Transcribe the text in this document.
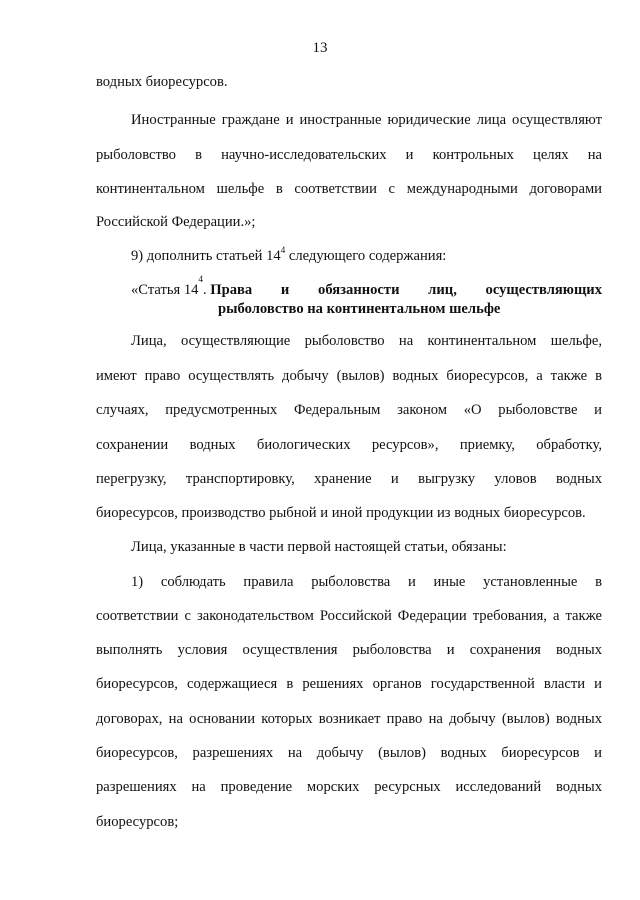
13
водных биоресурсов.
Иностранные граждане и иностранные юридические лица осуществляют
рыболовство в научно-исследовательских и контрольных целях на
континентальном шельфе в соответствии с международными договорами
Российской Федерации.»;
9) дополнить статьей $14^4$ следующего содержания:
«Статья 14
$^4$
. Права и обязанности лиц, осуществляющих
рыболовство на континентальном шельфе
Лица, осуществляющие рыболовство на континентальном шельфе,
имеют право осуществлять добычу (вылов) водных биоресурсов, а также в
случаях, предусмотренных Федеральным законом «О рыболовстве и
сохранении водных биологических ресурсов», приемку, обработку,
перегрузку, транспортировку, хранение и выгрузку уловов водных
биоресурсов, производство рыбной и иной продукции из водных биоресурсов.
Лица, указанные в части первой настоящей статьи, обязаны:
1) соблюдать правила рыболовства и иные установленные в
соответствии с законодательством Российской Федерации требования, а также
выполнять условия осуществления рыболовства и сохранения водных
биоресурсов, содержащиеся в решениях органов государственной власти и
договорах, на основании которых возникает право на добычу (вылов) водных
биоресурсов, разрешениях на добычу (вылов) водных биоресурсов и
разрешениях на проведение морских ресурсных исследований водных
биоресурсов;
